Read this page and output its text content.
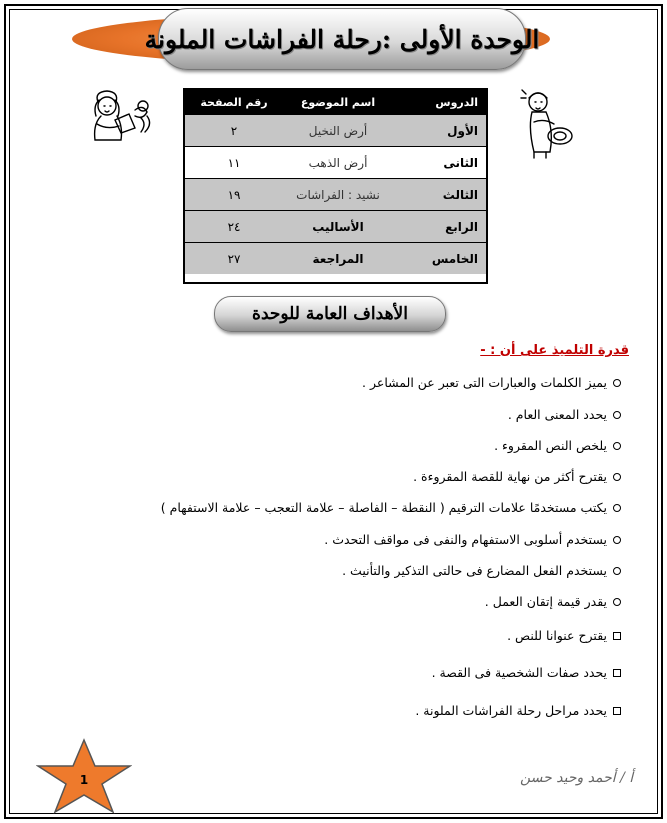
الوحدة الأولى :رحلة الفراشات الملونة
الدروس
اسم الموضوع
رقم الصفحة
الأول
أرض النخيل
٢
الثانى
أرض الذهب
١١
الثالث
نشيد : الفراشات
١٩
الرابع
الأساليب
٢٤
الخامس
المراجعة
٢٧
الأهداف العامة للوحدة
قدرة التلميذ على أن : -
يميز الكلمات والعبارات التى تعبر عن المشاعر .
يحدد المعنى العام .
يلخص النص المقروء .
يقترح أكثر من نهاية للقصة المقروءة .
يكتب مستخدمًا علامات الترقيم ( النقطة – الفاصلة – علامة التعجب – علامة الاستفهام )
يستخدم أسلوبى الاستفهام والنفى فى مواقف التحدث .
يستخدم الفعل المضارع فى حالتى التذكير والتأنيث .
يقدر قيمة إتقان العمل .
يقترح عنوانا للنص .
يحدد صفات الشخصية فى القصة .
يحدد مراحل رحلة الفراشات الملونة .
1	أ / أحمد وحيد حسن
